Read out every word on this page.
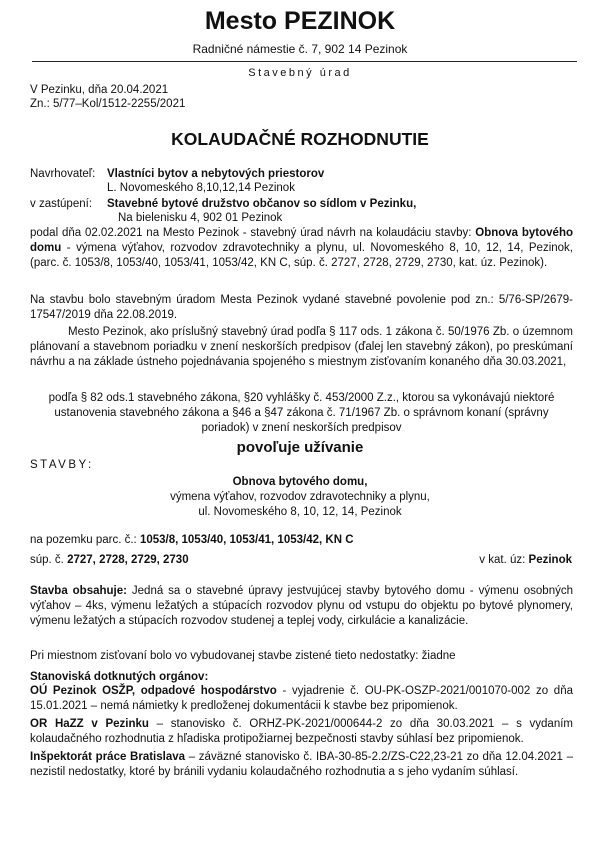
Mesto PEZINOK
Radničné námestie č. 7, 902 14 Pezinok
Stavebný úrad
V Pezinku, dňa 20.04.2021
Zn.: 5/77–Kol/1512-2255/2021
KOLAUDAČNÉ ROZHODNUTIE
Navrhovateľ: Vlastníci bytov a nebytových priestorov
L. Novomeského 8,10,12,14 Pezinok
v zastúpení: Stavebné bytové družstvo občanov so sídlom v Pezinku,
Na bielenisku 4, 902 01 Pezinok
podal dňa 02.02.2021 na Mesto Pezinok - stavebný úrad návrh na kolaudáciu stavby: Obnova bytového domu - výmena výťahov, rozvodov zdravotechniky a plynu, ul. Novomeského 8, 10, 12, 14, Pezinok, (parc. č. 1053/8, 1053/40, 1053/41, 1053/42, KN C, súp. č. 2727, 2728, 2729, 2730, kat. úz. Pezinok).
Na stavbu bolo stavebným úradom Mesta Pezinok vydané stavebné povolenie pod zn.: 5/76-SP/2679-17547/2019 dňa 22.08.2019.
Mesto Pezinok, ako príslušný stavebný úrad podľa § 117 ods. 1 zákona č. 50/1976 Zb. o územnom plánovaní a stavebnom poriadku v znení neskorších predpisov (ďalej len stavebný zákon), po preskúmaní návrhu a na základe ústneho pojednávania spojeného s miestnym zisťovaním konaného dňa 30.03.2021,
podľa § 82 ods.1 stavebného zákona, §20 vyhlášky č. 453/2000 Z.z., ktorou sa vykonávajú niektoré ustanovenia stavebného zákona a §46 a §47 zákona č. 71/1967 Zb. o správnom konaní (správny poriadok) v znení neskorších predpisov
povoľuje užívanie
STAVBY:
Obnova bytového domu,
výmena výťahov, rozvodov zdravotechniky a plynu,
ul. Novomeského 8, 10, 12, 14, Pezinok
na pozemku parc. č.: 1053/8, 1053/40, 1053/41, 1053/42, KN C
súp. č. 2727, 2728, 2729, 2730	v kat. úz: Pezinok
Stavba obsahuje: Jedná sa o stavebné úpravy jestvujúcej stavby bytového domu - výmenu osobných výťahov – 4ks, výmenu ležatých a stúpacích rozvodov plynu od vstupu do objektu po bytové plynomery, výmenu ležatých a stúpacích rozvodov studenej a teplej vody, cirkulácie a kanalizácie.
Pri miestnom zisťovaní bolo vo vybudovanej stavbe zistené tieto nedostatky: žiadne
Stanoviská dotknutých orgánov:
OÚ Pezinok OSŽP, odpadové hospodárstvo - vyjadrenie č. OU-PK-OSZP-2021/001070-002 zo dňa 15.01.2021 – nemá námietky k predloženej dokumentácii k stavbe bez pripomienok.
OR HaZZ v Pezinku – stanovisko č. ORHZ-PK-2021/000644-2 zo dňa 30.03.2021 – s vydaním kolaudačného rozhodnutia z hľadiska protipožiarnej bezpečnosti stavby súhlasí bez pripomienok.
Inšpektorát práce Bratislava – záväzné stanovisko č. IBA-30-85-2.2/ZS-C22,23-21 zo dňa 12.04.2021 – nezistil nedostatky, ktoré by bránili vydaniu kolaudačného rozhodnutia a s jeho vydaním súhlasí.
